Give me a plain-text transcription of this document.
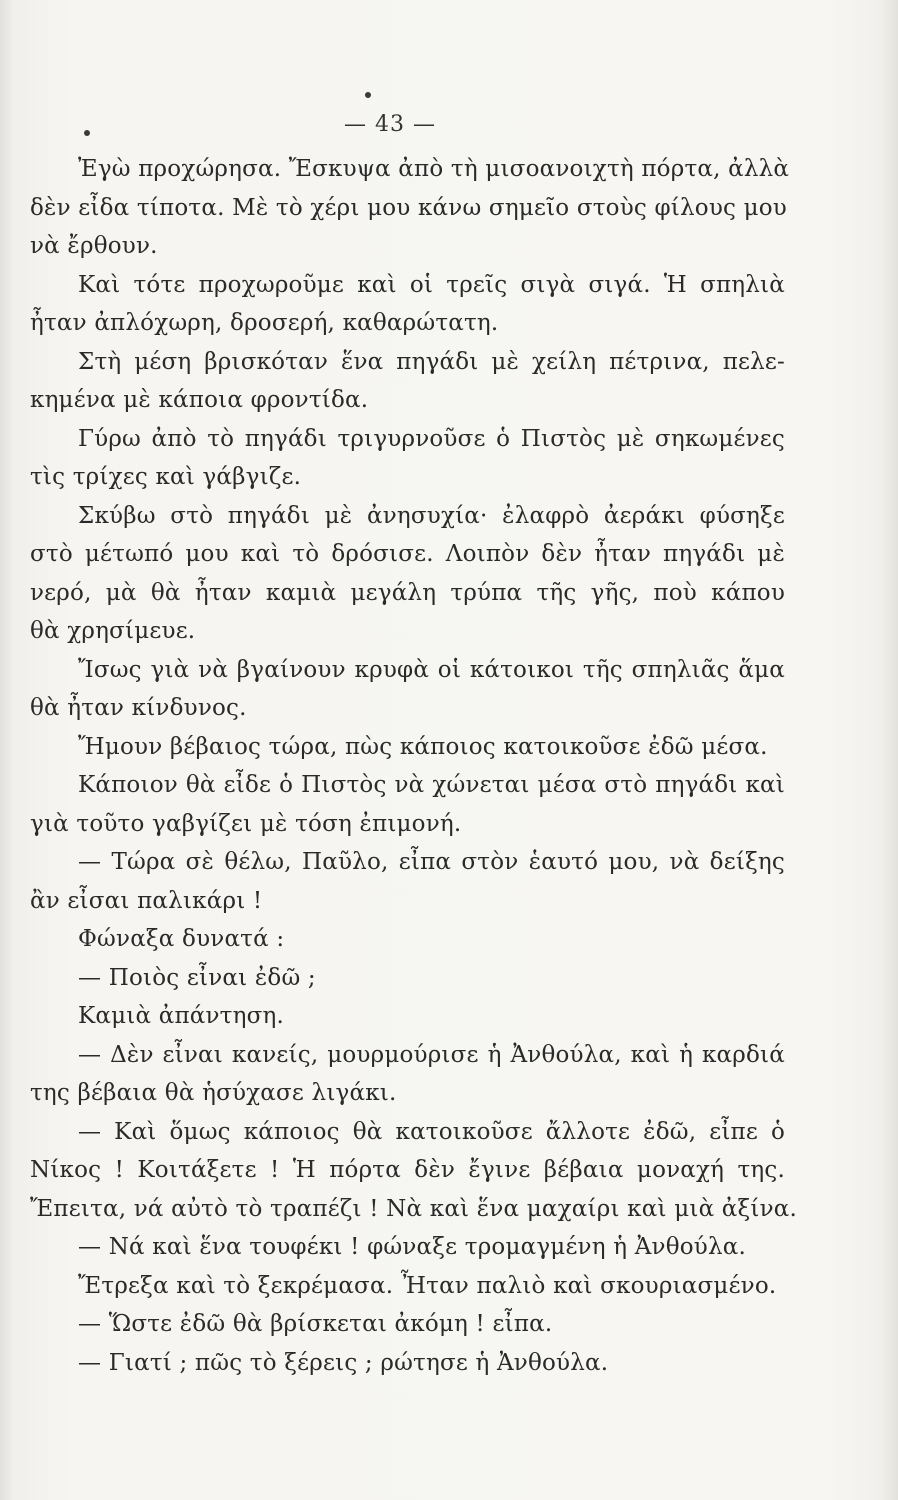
— 43 —
Ἐγὼ προχώρησα. Ἔσκυψα ἀπὸ τὴ μισοανοιχτὴ πόρτα, ἀλλὰ
δὲν εἶδα τίποτα. Μὲ τὸ χέρι μου κάνω σημεῖο στοὺς φίλους μου
νὰ ἔρθουν.
Καὶ τότε προχωροῦμε καὶ οἱ τρεῖς σιγὰ σιγά. Ἡ σπηλιὰ
ἦταν ἀπλόχωρη, δροσερή, καθαρώτατη.
Στὴ μέση βρισκόταν ἕνα πηγάδι μὲ χείλη πέτρινα, πελε-
κημένα μὲ κάποια φροντίδα.
Γύρω ἀπὸ τὸ πηγάδι τριγυρνοῦσε ὁ Πιστὸς μὲ σηκωμένες
τὶς τρίχες καὶ γάβγιζε.
Σκύβω στὸ πηγάδι μὲ ἀνησυχία· ἐλαφρὸ ἀεράκι φύσηξε
στὸ μέτωπό μου καὶ τὸ δρόσισε. Λοιπὸν δὲν ἦταν πηγάδι μὲ
νερό, μὰ θὰ ἦταν καμιὰ μεγάλη τρύπα τῆς γῆς, ποὺ κάπου
θὰ χρησίμευε.
Ἴσως γιὰ νὰ βγαίνουν κρυφὰ οἱ κάτοικοι τῆς σπηλιᾶς ἅμα
θὰ ἦταν κίνδυνος.
Ἤμουν βέβαιος τώρα, πὼς κάποιος κατοικοῦσε ἐδῶ μέσα.
Κάποιον θὰ εἶδε ὁ Πιστὸς νὰ χώνεται μέσα στὸ πηγάδι καὶ
γιὰ τοῦτο γαβγίζει μὲ τόση ἐπιμονή.
— Τώρα σὲ θέλω, Παῦλο, εἶπα στὸν ἑαυτό μου, νὰ δείξης
ἂν εἶσαι παλικάρι !
Φώναξα δυνατά :
— Ποιὸς εἶναι ἐδῶ ;
Καμιὰ ἀπάντηση.
— Δὲν εἶναι κανείς, μουρμούρισε ἡ Ἀνθούλα, καὶ ἡ καρδιά
της βέβαια θὰ ἡσύχασε λιγάκι.
— Καὶ ὅμως κάποιος θὰ κατοικοῦσε ἄλλοτε ἐδῶ, εἶπε ὁ
Νίκος ! Κοιτάξετε ! Ἡ πόρτα δὲν ἔγινε βέβαια μοναχή της.
Ἔπειτα, νά αὐτὸ τὸ τραπέζι ! Νὰ καὶ ἕνα μαχαίρι καὶ μιὰ ἀξίνα.
— Νά καὶ ἕνα τουφέκι ! φώναξε τρομαγμένη ἡ Ἀνθούλα.
Ἔτρεξα καὶ τὸ ξεκρέμασα. Ἦταν παλιὸ καὶ σκουριασμένο.
— Ὥστε ἐδῶ θὰ βρίσκεται ἀκόμη ! εἶπα.
— Γιατί ; πῶς τὸ ξέρεις ; ρώτησε ἡ Ἀνθούλα.
